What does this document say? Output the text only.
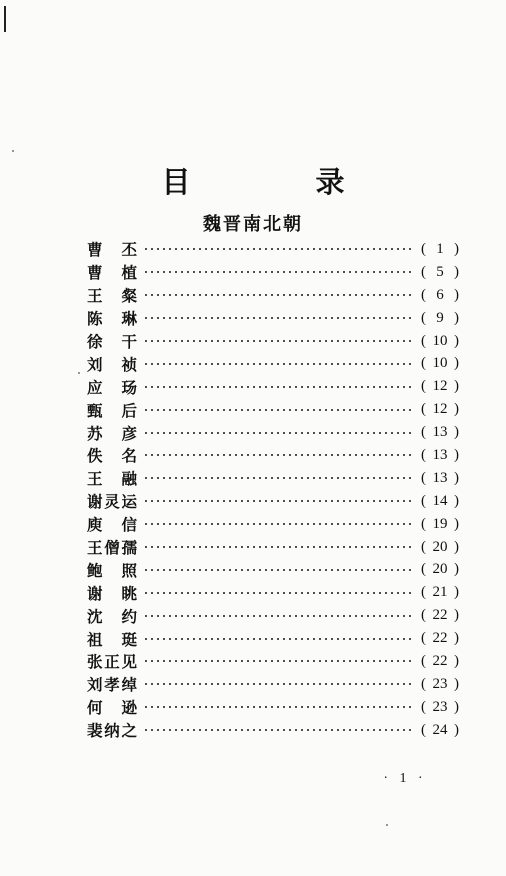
目　录
魏晋南北朝
曹丕	( 1 )
曹植	( 5 )
王粲	( 6 )
陈琳	( 9 )
徐干	( 10 )
刘祯	( 10 )
应玚	( 12 )
甄后	( 12 )
苏彦	( 13 )
佚名	( 13 )
王融	( 13 )
谢灵运	( 14 )
庾信	( 19 )
王僧孺	( 20 )
鲍照	( 20 )
谢眺	( 21 )
沈约	( 22 )
祖珽	( 22 )
张正见	( 22 )
刘孝绰	( 23 )
何逊	( 23 )
裴纳之	( 24 )
· 1 ·
